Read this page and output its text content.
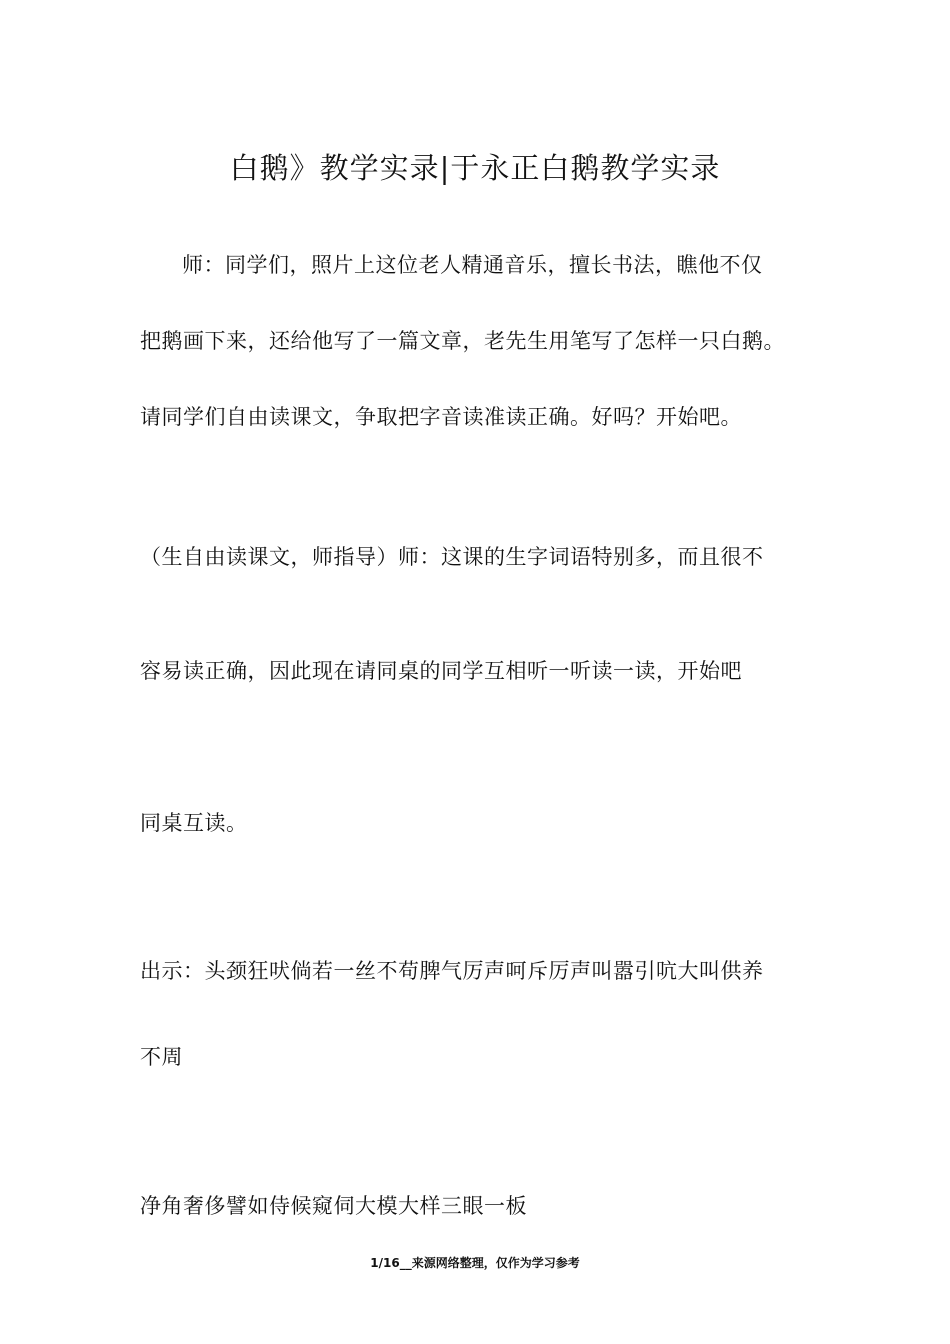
白鹅》教学实录|于永正白鹅教学实录
师：同学们，照片上这位老人精通音乐，擅长书法，瞧他不仅
把鹅画下来，还给他写了一篇文章，老先生用笔写了怎样一只白鹅。
请同学们自由读课文，争取把字音读准读正确。好吗？开始吧。
（生自由读课文，师指导）师：这课的生字词语特别多，而且很不
容易读正确，因此现在请同桌的同学互相听一听读一读，开始吧
同桌互读。
出示：头颈狂吠倘若一丝不苟脾气厉声呵斥厉声叫嚣引吭大叫供养
不周
净角奢侈譬如侍候窥伺大模大样三眼一板
1/16__来源网络整理，仅作为学习参考
